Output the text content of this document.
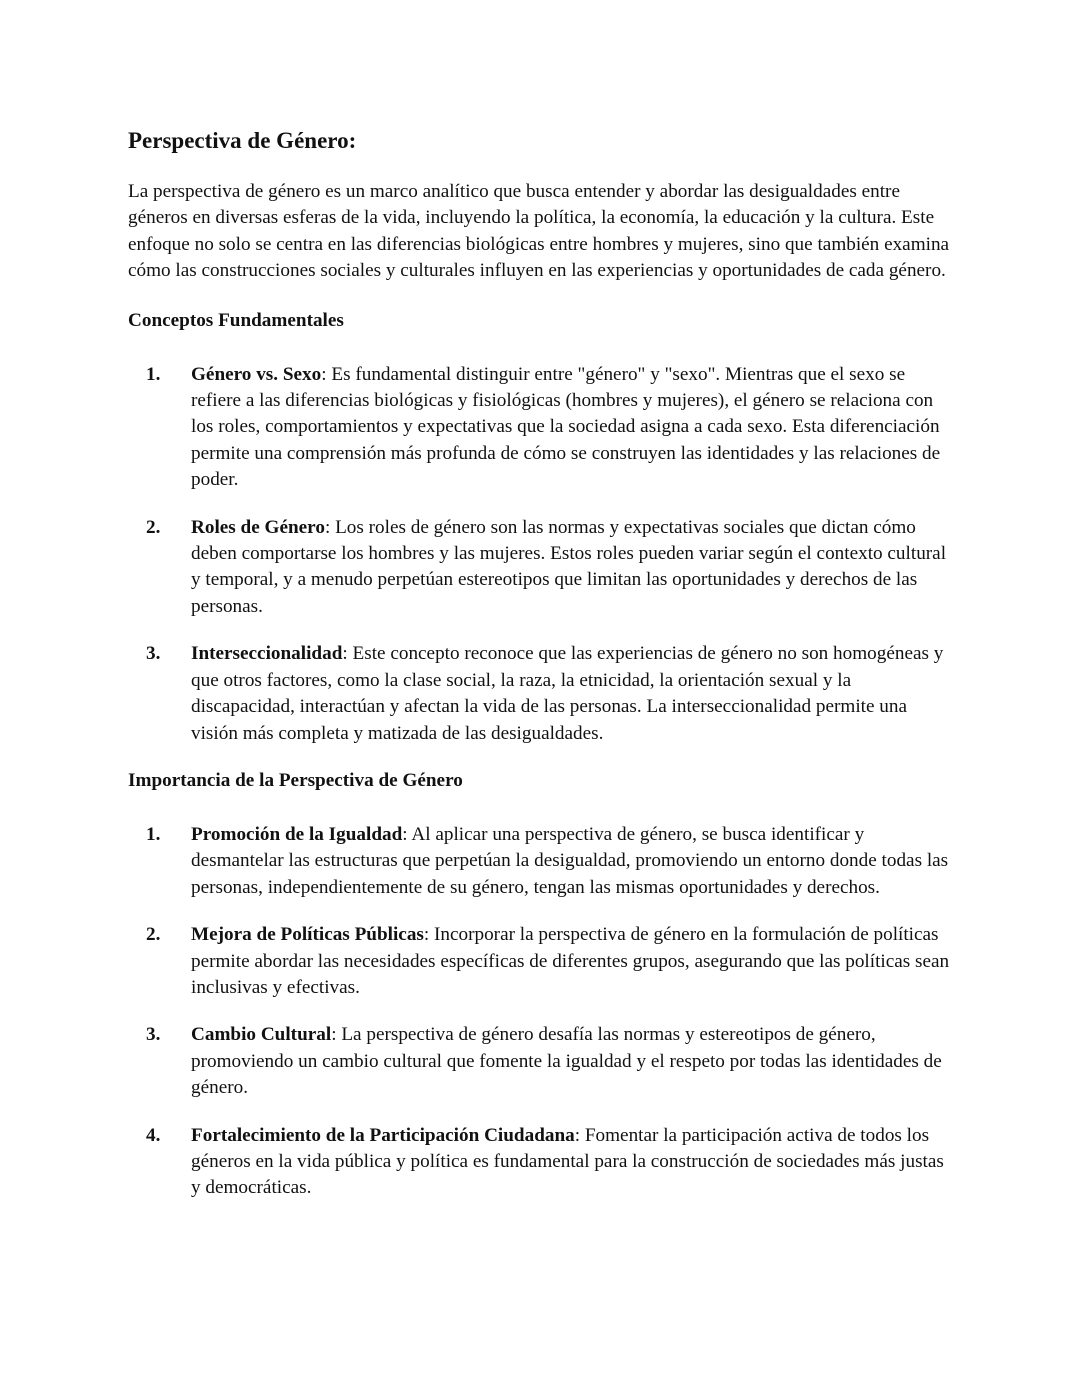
Perspectiva de Género:

La perspectiva de género es un marco analítico que busca entender y abordar las desigualdades entre géneros en diversas esferas de la vida, incluyendo la política, la economía, la educación y la cultura. Este enfoque no solo se centra en las diferencias biológicas entre hombres y mujeres, sino que también examina cómo las construcciones sociales y culturales influyen en las experiencias y oportunidades de cada género.

Conceptos Fundamentales
1. Género vs. Sexo: Es fundamental distinguir entre "género" y "sexo". Mientras que el sexo se refiere a las diferencias biológicas y fisiológicas (hombres y mujeres), el género se relaciona con los roles, comportamientos y expectativas que la sociedad asigna a cada sexo. Esta diferenciación permite una comprensión más profunda de cómo se construyen las identidades y las relaciones de poder.
2. Roles de Género: Los roles de género son las normas y expectativas sociales que dictan cómo deben comportarse los hombres y las mujeres. Estos roles pueden variar según el contexto cultural y temporal, y a menudo perpetúan estereotipos que limitan las oportunidades y derechos de las personas.
3. Interseccionalidad: Este concepto reconoce que las experiencias de género no son homogéneas y que otros factores, como la clase social, la raza, la etnicidad, la orientación sexual y la discapacidad, interactúan y afectan la vida de las personas. La interseccionalidad permite una visión más completa y matizada de las desigualdades.
Importancia de la Perspectiva de Género
1. Promoción de la Igualdad: Al aplicar una perspectiva de género, se busca identificar y desmantelar las estructuras que perpetúan la desigualdad, promoviendo un entorno donde todas las personas, independientemente de su género, tengan las mismas oportunidades y derechos.
2. Mejora de Políticas Públicas: Incorporar la perspectiva de género en la formulación de políticas permite abordar las necesidades específicas de diferentes grupos, asegurando que las políticas sean inclusivas y efectivas.
3. Cambio Cultural: La perspectiva de género desafía las normas y estereotipos de género, promoviendo un cambio cultural que fomente la igualdad y el respeto por todas las identidades de género.
4. Fortalecimiento de la Participación Ciudadana: Fomentar la participación activa de todos los géneros en la vida pública y política es fundamental para la construcción de sociedades más justas y democráticas.
